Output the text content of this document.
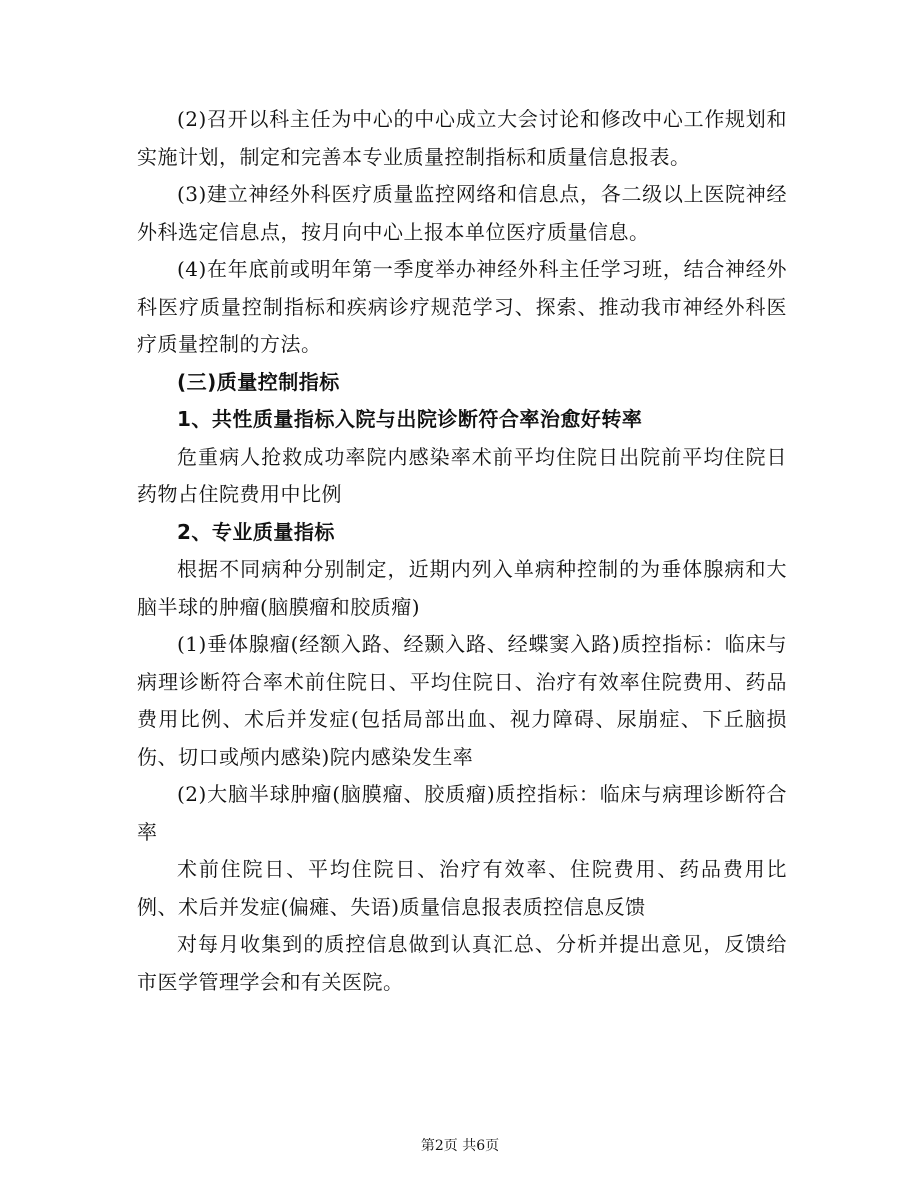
(2)召开以科主任为中心的中心成立大会讨论和修改中心工作规划和实施计划，制定和完善本专业质量控制指标和质量信息报表。

(3)建立神经外科医疗质量监控网络和信息点，各二级以上医院神经外科选定信息点，按月向中心上报本单位医疗质量信息。

(4)在年底前或明年第一季度举办神经外科主任学习班，结合神经外科医疗质量控制指标和疾病诊疗规范学习、探索、推动我市神经外科医疗质量控制的方法。

(三)质量控制指标

1、共性质量指标入院与出院诊断符合率治愈好转率

危重病人抢救成功率院内感染率术前平均住院日出院前平均住院日药物占住院费用中比例

2、专业质量指标

根据不同病种分别制定，近期内列入单病种控制的为垂体腺病和大脑半球的肿瘤(脑膜瘤和胶质瘤)

(1)垂体腺瘤(经额入路、经颞入路、经蝶窦入路)质控指标：临床与病理诊断符合率术前住院日、平均住院日、治疗有效率住院费用、药品费用比例、术后并发症(包括局部出血、视力障碍、尿崩症、下丘脑损伤、切口或颅内感染)院内感染发生率

(2)大脑半球肿瘤(脑膜瘤、胶质瘤)质控指标：临床与病理诊断符合率

术前住院日、平均住院日、治疗有效率、住院费用、药品费用比例、术后并发症(偏瘫、失语)质量信息报表质控信息反馈

对每月收集到的质控信息做到认真汇总、分析并提出意见，反馈给市医学管理学会和有关医院。

第2页 共6页
